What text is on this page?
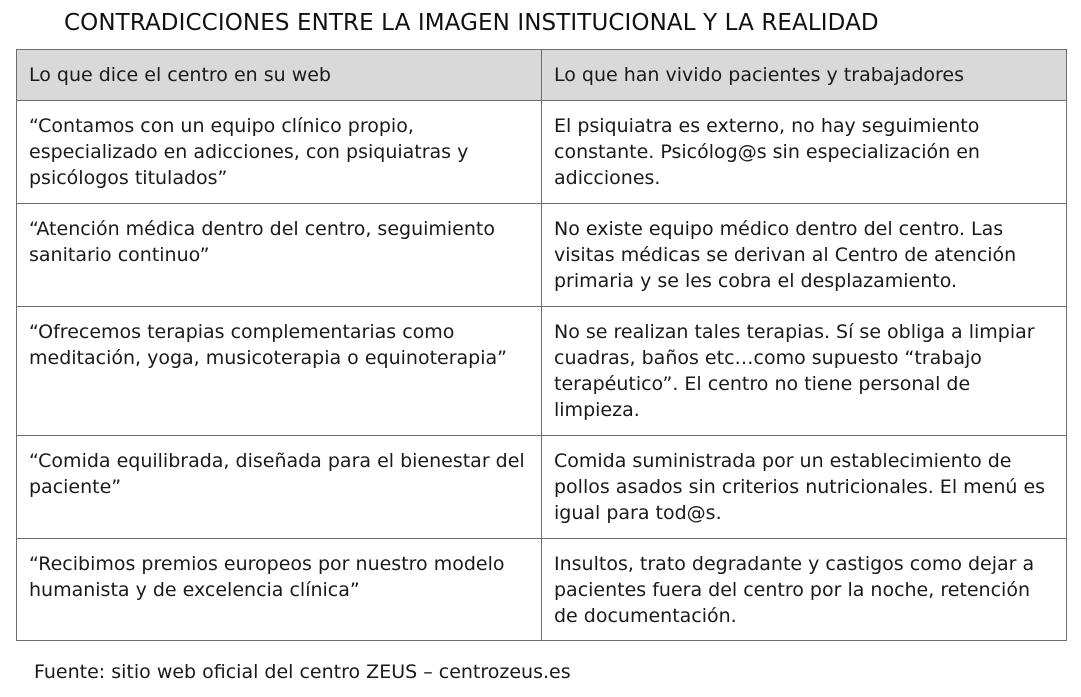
CONTRADICCIONES ENTRE LA IMAGEN INSTITUCIONAL Y LA REALIDAD
Lo que dice el centro en su web	Lo que han vivido pacientes y trabajadores
“Contamos con un equipo clínico propio, especializado en adicciones, con psiquiatras y psicólogos titulados”	El psiquiatra es externo, no hay seguimiento constante. Psicólog@s sin especialización en adicciones.
“Atención médica dentro del centro, seguimiento sanitario continuo”	No existe equipo médico dentro del centro. Las visitas médicas se derivan al Centro de atención primaria y se les cobra el desplazamiento.
“Ofrecemos terapias complementarias como meditación, yoga, musicoterapia o equinoterapia”	No se realizan tales terapias. Sí se obliga a limpiar cuadras, baños etc…como supuesto “trabajo terapéutico”. El centro no tiene personal de limpieza.
“Comida equilibrada, diseñada para el bienestar del paciente”	Comida suministrada por un establecimiento de pollos asados sin criterios nutricionales. El menú es igual para tod@s.
“Recibimos premios europeos por nuestro modelo humanista y de excelencia clínica”	Insultos, trato degradante y castigos como dejar a pacientes fuera del centro por la noche, retención de documentación.
Fuente: sitio web oficial del centro ZEUS – centrozeus.es
